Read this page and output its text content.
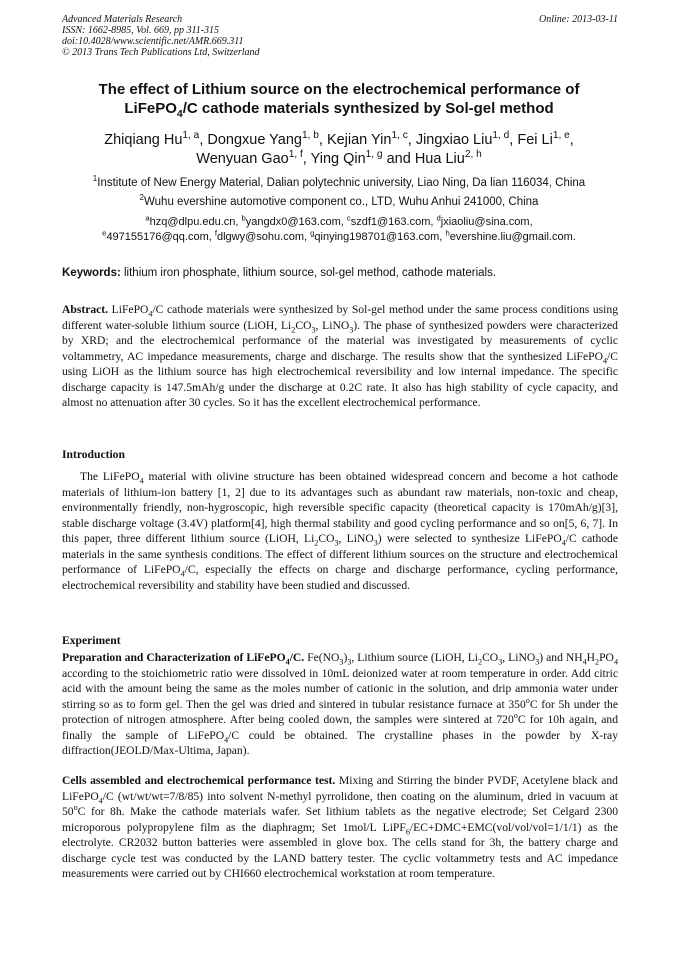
Advanced Materials Research
ISSN: 1662-8985, Vol. 669, pp 311-315
doi:10.4028/www.scientific.net/AMR.669.311
© 2013 Trans Tech Publications Ltd, Switzerland
Online: 2013-03-11
The effect of Lithium source on the electrochemical performance of
LiFePO$_4$/C cathode materials synthesized by Sol-gel method
Zhiqiang Hu$^{1, a}$, Dongxue Yang$^{1, b}$, Kejian Yin$^{1, c}$, Jingxiao Liu$^{1, d}$, Fei Li$^{1, e}$,
Wenyuan Gao$^{1, f}$, Ying Qin$^{1, g}$ and Hua Liu$^{2, h}$
$^1$Institute of New Energy Material, Dalian polytechnic university, Liao Ning, Da lian 116034, China
$^2$Wuhu evershine automotive component co., LTD, Wuhu Anhui 241000, China
$^a$hzq@dlpu.edu.cn, $^b$yangdx0@163.com, $^c$szdf1@163.com, $^d$jxiaoliu@sina.com,
$^e$497155176@qq.com, $^f$dlgwy@sohu.com, $^g$qinying198701@163.com, $^h$evershine.liu@gmail.com.
Keywords: lithium iron phosphate, lithium source, sol-gel method, cathode materials.
Abstract. LiFePO$_4$/C cathode materials were synthesized by Sol-gel method under the same process conditions using different water-soluble lithium source (LiOH, $Li_2CO_3$, LiNO$_3$). The phase of synthesized powders were characterized by XRD; and the electrochemical performance of the material was investigated by measurements of cyclic voltammetry, AC impedance measurements, charge and discharge. The results show that the synthesized LiFePO$_4$/C using LiOH as the lithium source has high electrochemical reversibility and low internal impedance. The specific discharge capacity is 147.5mAh/g under the discharge at 0.2C rate. It also has high stability of cycle capacity, and almost no attenuation after 30 cycles. So it has the excellent electrochemical performance.
Introduction
The LiFePO$_4$ material with olivine structure has been obtained widespread concern and become a hot cathode materials of lithium-ion battery [1, 2] due to its advantages such as abundant raw materials, non-toxic and cheap, environmentally friendly, non-hygroscopic, high reversible specific capacity (theoretical capacity is 170mAh/g)[3], stable discharge voltage (3.4V) platform[4], high thermal stability and good cycling performance and so on[5, 6, 7]. In this paper, three different lithium source (LiOH, $Li_2CO_3$, LiNO$_3$) were selected to synthesize LiFePO$_4$/C cathode materials in the same synthesis conditions. The effect of different lithium sources on the structure and electrochemical performance of LiFePO$_4$/C, especially the effects on charge and discharge performance, cycling performance, electrochemical reversibility and stability have been studied and discussed.
Experiment
Preparation and Characterization of LiFePO$_4$/C. $Fe(NO_3)_3$, Lithium source (LiOH, $Li_2CO_3$, LiNO$_3$) and $NH_4H_2PO_4$ according to the stoichiometric ratio were dissolved in 10mL deionized water at room temperature in order. Add citric acid with the amount being the same as the moles number of cationic in the solution, and drip ammonia water under stirring so as to form gel. Then the gel was dried and sintered in tubular resistance furnace at 350$^o$C for 5h under the protection of nitrogen atmosphere. After being cooled down, the samples were sintered at 720$^o$C for 10h again, and finally the sample of LiFePO$_4$/C could be obtained. The crystalline phases in the powder by X-ray diffraction(JEOLD/Max-Ultima, Japan).
Cells assembled and electrochemical performance test. Mixing and Stirring the binder PVDF, Acetylene black and LiFePO$_4$/C (wt/wt/wt=7/8/85) into solvent N-methyl pyrrolidone, then coating on the aluminum, dried in vacuum at 50$^o$C for 8h. Make the cathode materials wafer. Set lithium tablets as the negative electrode; Set Celgard 2300 microporous polypropylene film as the diaphragm; Set 1mol/L LiPF$_6$/EC+DMC+EMC(vol/vol/vol=1/1/1) as the electrolyte. CR2032 button batteries were assembled in glove box. The cells stand for 3h, the battery charge and discharge cycle test was conducted by the LAND battery tester. The cyclic voltammetry tests and AC impedance measurements were carried out by CHI660 electrochemical workstation at room temperature.
